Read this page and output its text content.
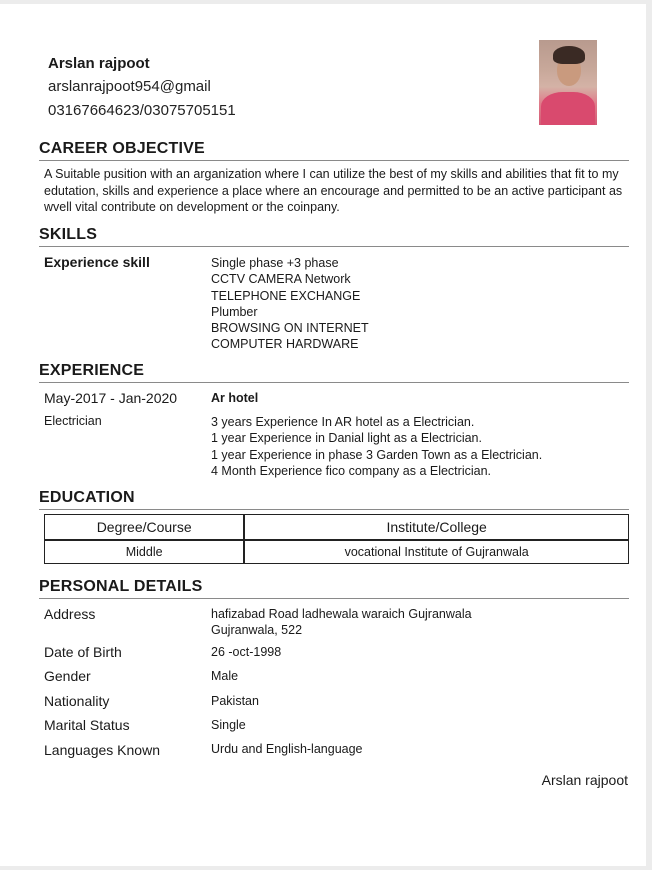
Arslan rajpoot
arslanrajpoot954@gmail
03167664623/03075705151
CAREER OBJECTIVE
A Suitable pusition with an arganization where I can utilize the best of my skills and abilities that fit to my edutation, skills and experience a place where an encourage and permitted to be an active participant as wvell vital contribute on development or the coinpany.
SKILLS
Experience skill	Single phase +3 phase
CCTV CAMERA Network
TELEPHONE EXCHANGE
Plumber
BROWSING ON INTERNET
COMPUTER HARDWARE
EXPERIENCE
May-2017 - Jan-2020	Ar hotel
Electrician	3 years Experience In AR hotel as a Electrician.
1 year Experience in Danial light as a Electrician.
1 year Experience in phase 3 Garden Town as a Electrician.
4 Month Experience fico company as a Electrician.
EDUCATION
Degree/Course	Institute/College
Middle	vocational Institute of Gujranwala
PERSONAL DETAILS
Address	hafizabad Road ladhewala waraich Gujranwala
Gujranwala, 522
Date of Birth	26 -oct-1998
Gender	Male
Nationality	Pakistan
Marital Status	Single
Languages Known	Urdu and English-language
Arslan rajpoot
